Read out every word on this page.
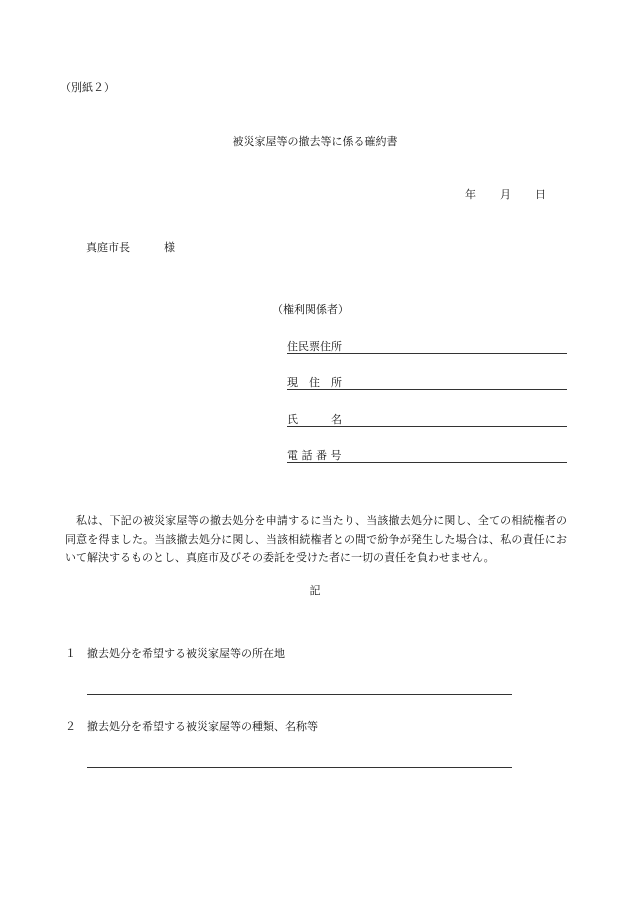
（別紙２）
被災家屋等の撤去等に係る確約書
年 月 日
真庭市長	様
（権利関係者）
住民票住所
現　住　所
氏　　　名
電 話 番 号
私は、下記の被災家屋等の撤去処分を申請するに当たり、当該撤去処分に関し、全ての相続権者の
同意を得ました。当該撤去処分に関し、当該相続権者との間で紛争が発生した場合は、私の責任にお
いて解決するものとし、真庭市及びその委託を受けた者に一切の責任を負わせません。
記
１ 撤去処分を希望する被災家屋等の所在地
２ 撤去処分を希望する被災家屋等の種類、名称等
